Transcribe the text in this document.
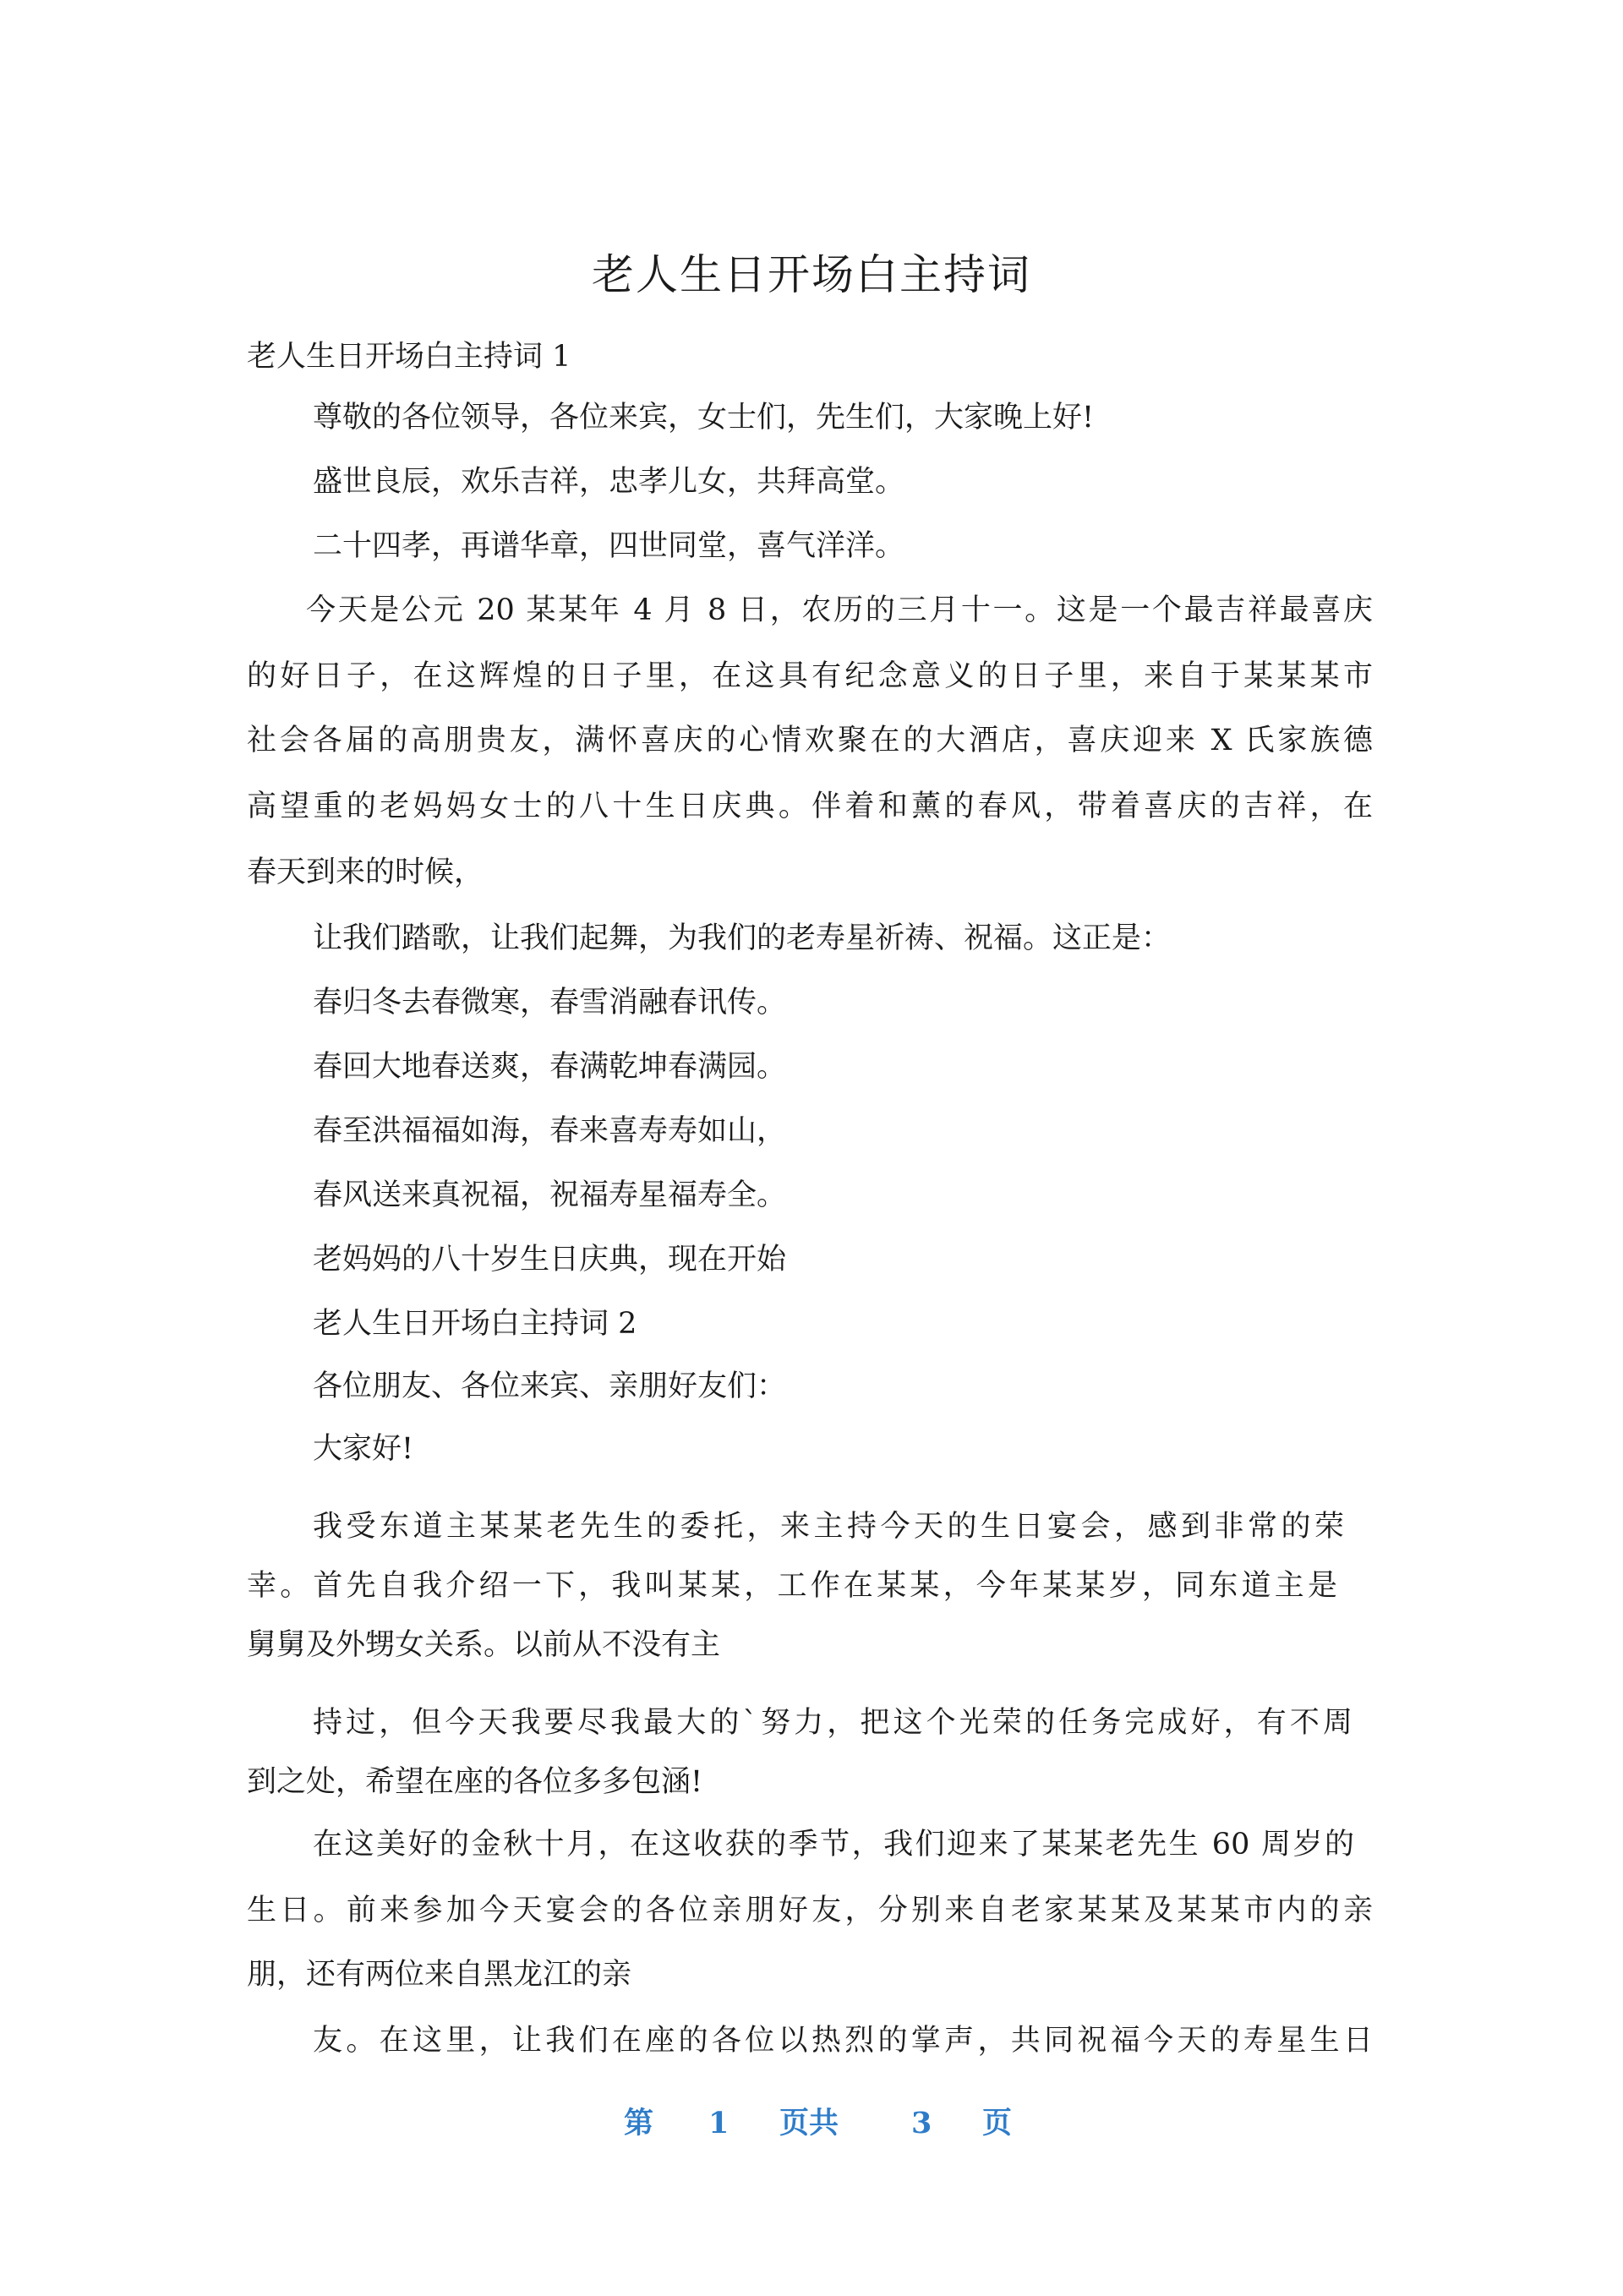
老人生日开场白主持词
老人生日开场白主持词 1
尊敬的各位领导，各位来宾，女士们，先生们，大家晚上好!
盛世良辰，欢乐吉祥，忠孝儿女，共拜高堂。
二十四孝，再谱华章，四世同堂，喜气洋洋。
今天是公元 20 某某年 4 月 8 日，农历的三月十一。这是一个最吉祥最喜庆
的好日子，在这辉煌的日子里，在这具有纪念意义的日子里，来自于某某某市
社会各届的高朋贵友，满怀喜庆的心情欢聚在的大酒店，喜庆迎来 X 氏家族德
高望重的老妈妈女士的八十生日庆典。伴着和薰的春风，带着喜庆的吉祥，在
春天到来的时候，
让我们踏歌，让我们起舞，为我们的老寿星祈祷、祝福。这正是：
春归冬去春微寒，春雪消融春讯传。
春回大地春送爽，春满乾坤春满园。
春至洪福福如海，春来喜寿寿如山，
春风送来真祝福，祝福寿星福寿全。
老妈妈的八十岁生日庆典，现在开始
老人生日开场白主持词 2
各位朋友、各位来宾、亲朋好友们：
大家好!
我受东道主某某老先生的委托，来主持今天的生日宴会，感到非常的荣
幸。首先自我介绍一下，我叫某某，工作在某某，今年某某岁，同东道主是
舅舅及外甥女关系。以前从不没有主
持过，但今天我要尽我最大的`努力，把这个光荣的任务完成好，有不周
到之处，希望在座的各位多多包涵!
在这美好的金秋十月，在这收获的季节，我们迎来了某某老先生 60 周岁的
生日。前来参加今天宴会的各位亲朋好友，分别来自老家某某及某某市内的亲
朋，还有两位来自黑龙江的亲
友。在这里，让我们在座的各位以热烈的掌声，共同祝福今天的寿星生日
第 1 页共 3 页
